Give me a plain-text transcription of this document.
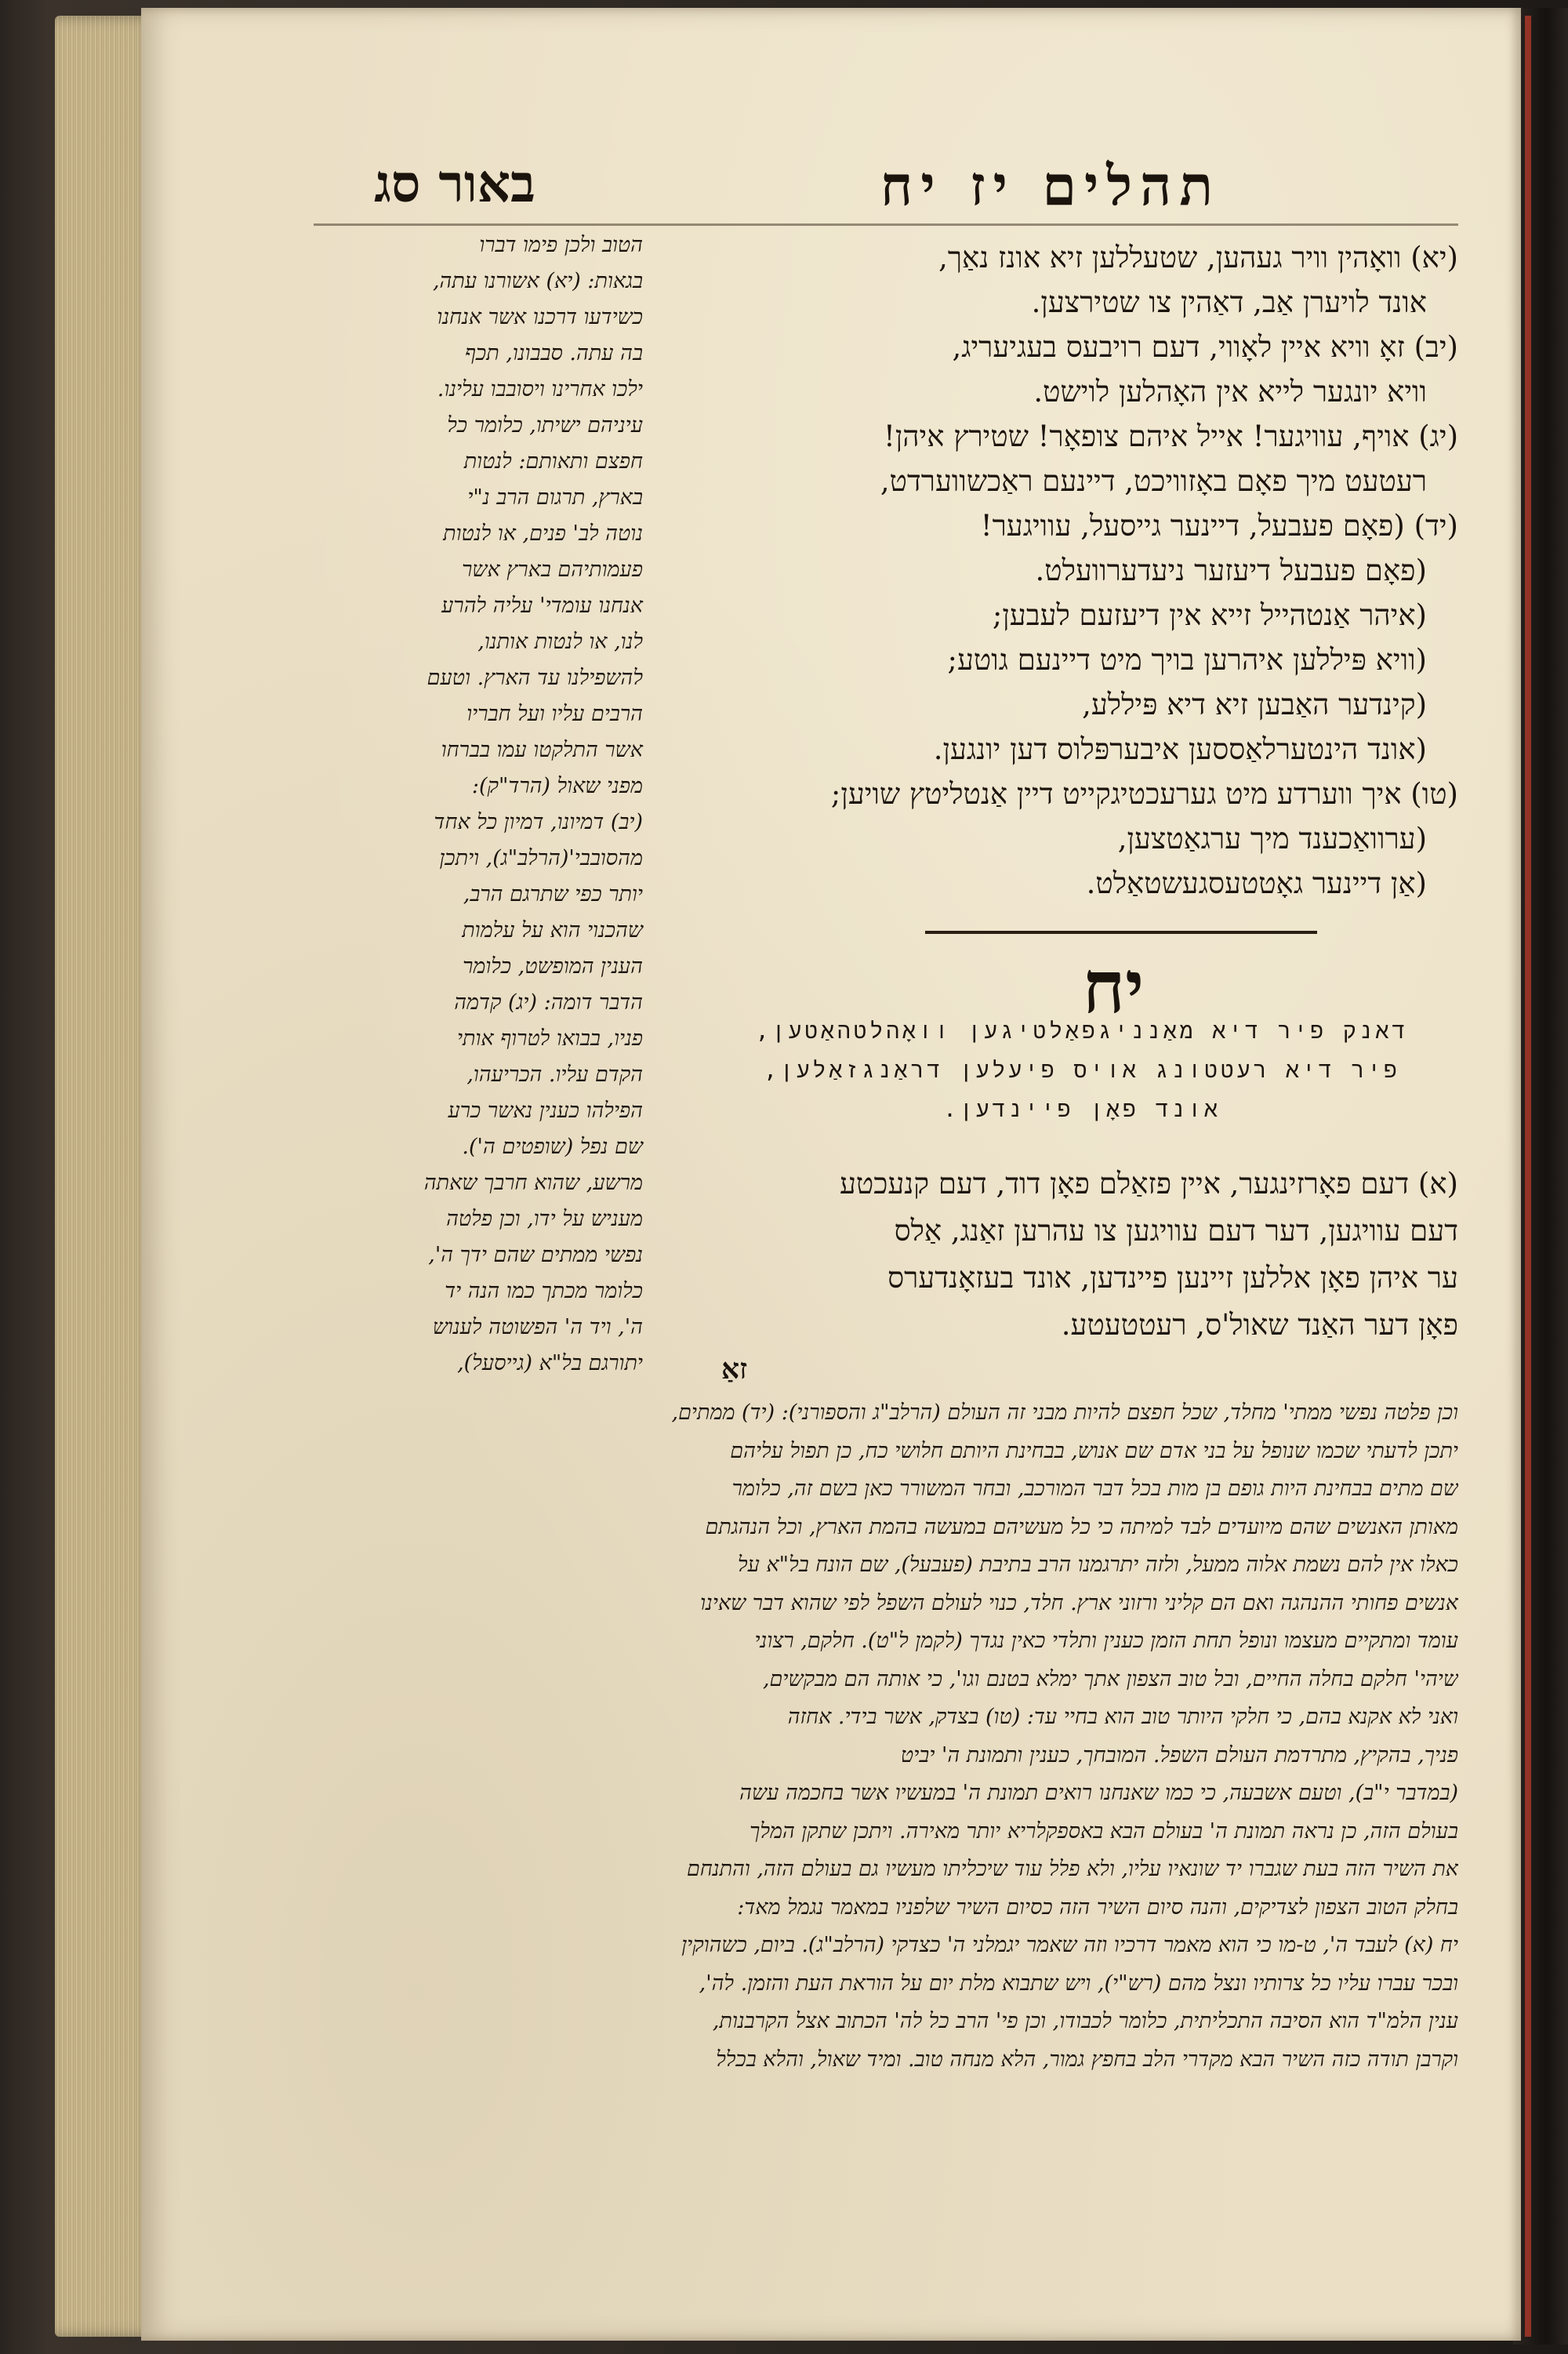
תהלים יז יח
באור סג

(יא) וואָהין וויר געהען, שטעללען זיא אונז נאַך,

אונד לויערן אַב, דאַהין צו שטירצען.

(יב) זאָ וויא איין לאָווי, דעם רויבעס בעגיעריג,

וויא יונגער לייא אין האָהלען לוישט.

(יג) אויף, עוויגער! אייל איהם צופאָר! שטירץ איהן!

רעטעט מיך פאָם באָזוויכט, דיינעם ראַכשווערדט,

(יד) (פאָם פעבעל, דיינער גייסעל, עוויגער!

(פאָם פעבעל דיעזער ניעדערוועלט.

(איהר אַנטהייל זייא אין דיעזעם לעבען;

(וויא פּיללען איהרען בויך מיט דיינעם גוטע;

(קינדער האַבען זיא דיא פּיללע,

(אונד הינטערלאַססען איבערפּלוס דען יונגען.

(טו) איך ווערדע מיט גערעכטיגקייט דיין אַנטליטץ שויען;

(ערוואַכענד מיך ערגאַטצען,

(אַן דיינער גאָטטעסגעשטאַלט.

יח

דאנק פיר דיא מאַנניגפאַלטיגען וואָהלטהאַטען,

פיר דיא רעטטונג אויס פיעלען דראַנגזאַלען,

אונד פאָן פיינדען.

(א) דעם פאָרזינגער, איין פזאַלם פאָן דוד, דעם קנעכטע

דעם עוויגען, דער דעם עוויגען צו עהרען זאַנג, אַלס

ער איהן פאָן אללען זיינען פיינדען, אונד בעזאָנדערס

פאָן דער האַנד שאול'ס, רעטטעטע.

זאַ

הטוב ולכן פימו דברו

בגאות: (יא) אשורנו עתה,

כשידעו דרכנו אשר אנחנו

בה עתה. סבבונו, תכף

ילכו אחרינו ויסובבו עלינו.

עיניהם ישיתו, כלומר כל

חפצם ותאותם: לנטות

בארץ, תרגום הרב נ"י

נוטה לב' פנים, או לנטות

פעמותיהם בארץ אשר

אנחנו עומדי' עליה להרע

לנו, או לנטות אותנו,

להשפילנו עד הארץ. וטעם

הרבים עליו ועל חבריו

אשר התלקטו עמו בברחו

מפני שאול (הרד"ק):

(יב) דמיונו, דמיון כל אחד

מהסובבי'(הרלב"ג), ויתכן

יותר כפי שתרגם הרב,

שהכנוי הוא על עלמות

הענין המופשט, כלומר

הדבר דומה: (יג) קדמה

פניו, בבואו לטרוף אותי

הקדם עליו. הכריעהו,

הפילהו כענין נאשר כרע

שם נפל (שופטים ה').

מרשע, שהוא חרבך שאתה

מעניש על ידו, וכן פלטה

נפשי ממתים שהם ידך ה',

כלומר מכתך כמו הנה יד

ה', ויד ה' הפשוטה לענוש

יתורגם בל"א (גייסעל),

וכן פלטה נפשי ממתי' מחלד, שכל חפצם להיות מבני זה העולם (הרלב"ג והספורני): (יד) ממתים,

יתכן לדעתי שכמו שנופל על בני אדם שם אנוש, בבחינת היותם חלושי כח, כן תפול עליהם

שם מתים בבחינת היות גופם בן מות בכל דבר המורכב, ובחר המשורר כאן בשם זה, כלומר

מאותן האנשים שהם מיועדים לבד למיתה כי כל מעשיהם במעשה בהמת הארץ, וכל הנהגתם

כאלו אין להם נשמת אלוה ממעל, ולזה יתרגמנו הרב בתיבת (פעבעל), שם הונח בל"א על

אנשים פחותי ההנהגה ואם הם קליני ורזוני ארץ. חלד, כנוי לעולם השפל לפי שהוא דבר שאינו

עומד ומתקיים מעצמו ונופל תחת הזמן כענין ותלדי כאין נגדך (לקמן ל"ט). חלקם, רצוני

שיהי' חלקם בחלה החיים, ובל טוב הצפון אתך ימלא בטנם וגו', כי אותה הם מבקשים,

ואני לא אקנא בהם, כי חלקי היותר טוב הוא בחיי עד: (טו) בצדק, אשר בידי. אחזה

פניך, בהקיץ, מתרדמת העולם השפל. המובחך, כענין ותמונת ה' יביט

(במדבר י"ב), וטעם אשבעה, כי כמו שאנחנו רואים תמונת ה' במעשיו אשר בחכמה עשה

בעולם הזה, כן נראה תמונת ה' בעולם הבא באספקלריא יותר מאירה. ויתכן שתקן המלך

את השיר הזה בעת שגברו יד שונאיו עליו, ולא פלל עוד שיכליתו מעשיו גם בעולם הזה, והתנחם

בחלק הטוב הצפון לצדיקים, והנה סיום השיר הזה כסיום השיר שלפניו במאמר נגמל מאד:

יח (א) לעבד ה', ט-מו כי הוא מאמר דרכיו וזה שאמר יגמלני ה' כצדקי (הרלב"ג). ביום, כשהוקין

ובכר עברו עליו כל צרותיו ונצל מהם (רש"י), ויש שתבוא מלת יום על הוראת העת והזמן. לה',

ענין הלמ"ד הוא הסיבה התכליתית, כלומר לכבודו, וכן פי' הרב כל לה' הכתוב אצל הקרבנות,

וקרבן תודה כזה השיר הבא מקדרי הלב בחפץ גמור, הלא מנחה טוב. ומיד שאול, והלא בכלל
